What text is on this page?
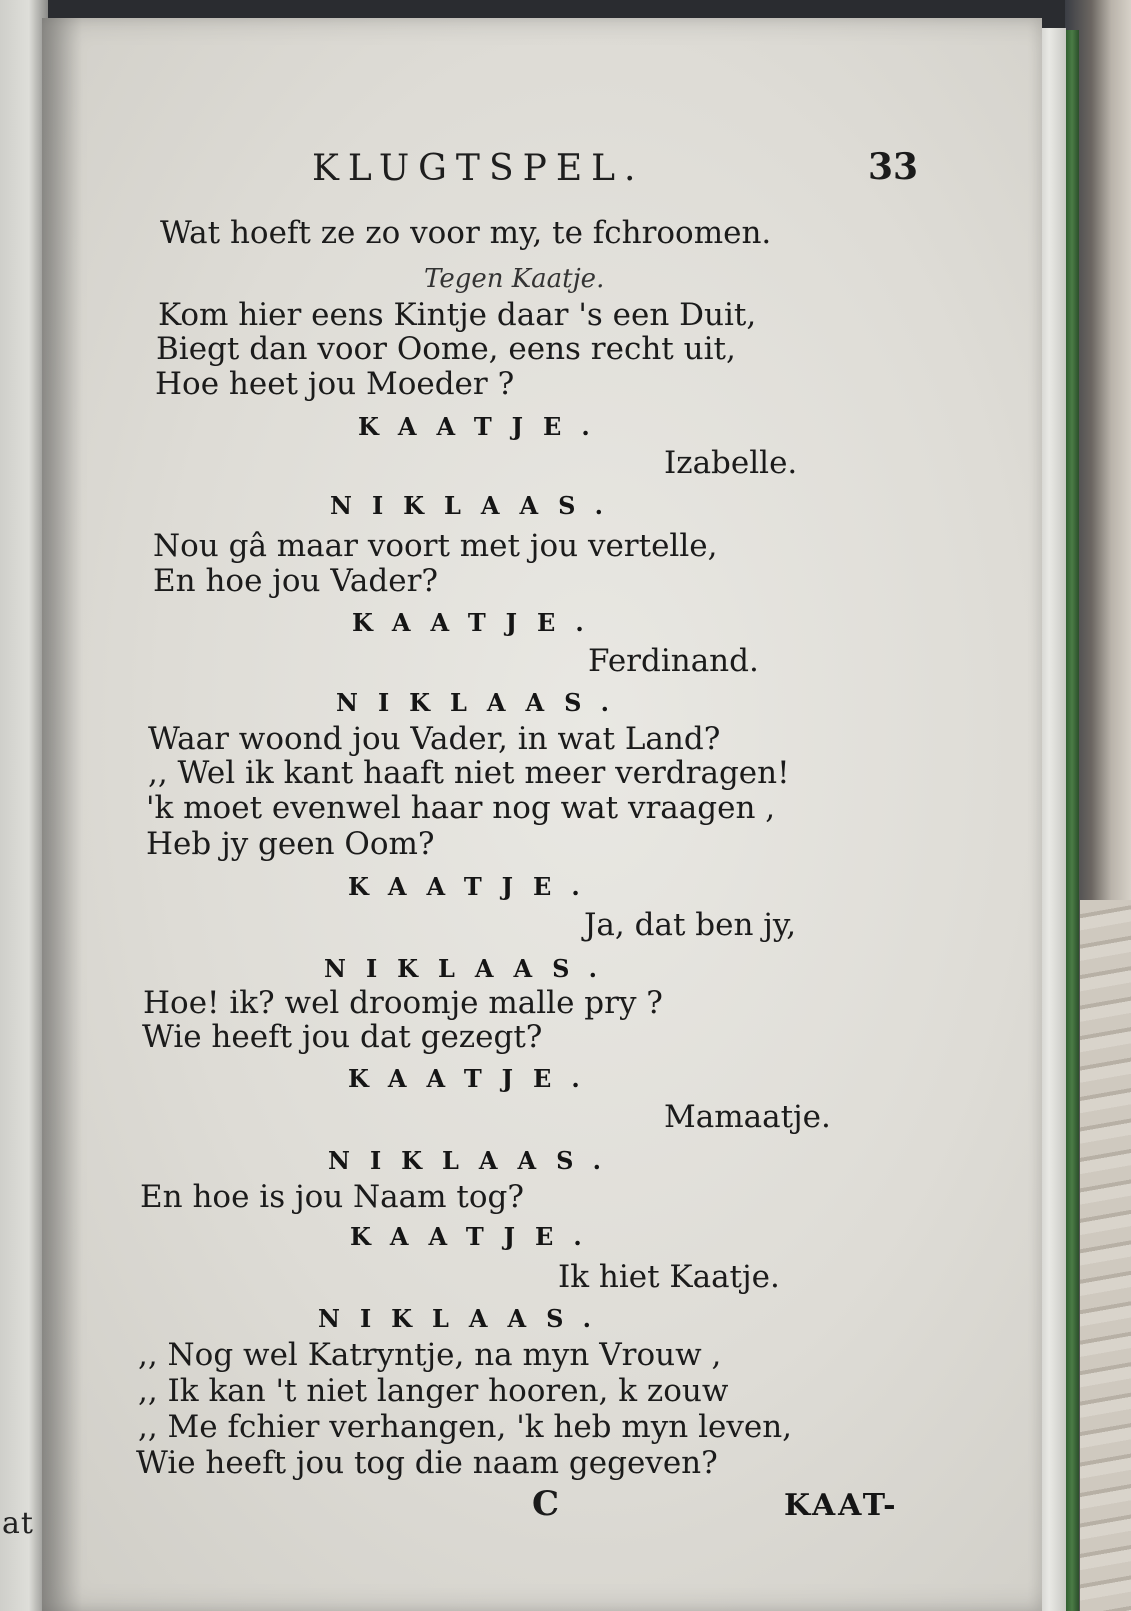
at
KLUGTSPEL.	33
Wat hoeft ze zo voor my, te fchroomen.
Tegen Kaatje.
Kom hier eens Kintje daar 's een Duit,
Biegt dan voor Oome, eens recht uit,
Hoe heet jou Moeder ?
KAATJE.
Izabelle.
NIKLAAS.
Nou gâ maar voort met jou vertelle,
En hoe jou Vader?
KAATJE.
Ferdinand.
NIKLAAS.
Waar woond jou Vader, in wat Land?
,, Wel ik kant haaft niet meer verdragen!
'k moet evenwel haar nog wat vraagen ,
Heb jy geen Oom?
KAATJE.
Ja, dat ben jy,
NIKLAAS.
Hoe! ik? wel droomje malle pry ?
Wie heeft jou dat gezegt?
KAATJE.
Mamaatje.
NIKLAAS.
En hoe is jou Naam tog?
KAATJE.
Ik hiet Kaatje.
NIKLAAS.
,, Nog wel Katryntje, na myn Vrouw ,
,, Ik kan 't niet langer hooren, k zouw
,, Me fchier verhangen, 'k heb myn leven,
Wie heeft jou tog die naam gegeven?
C	KAAT-
